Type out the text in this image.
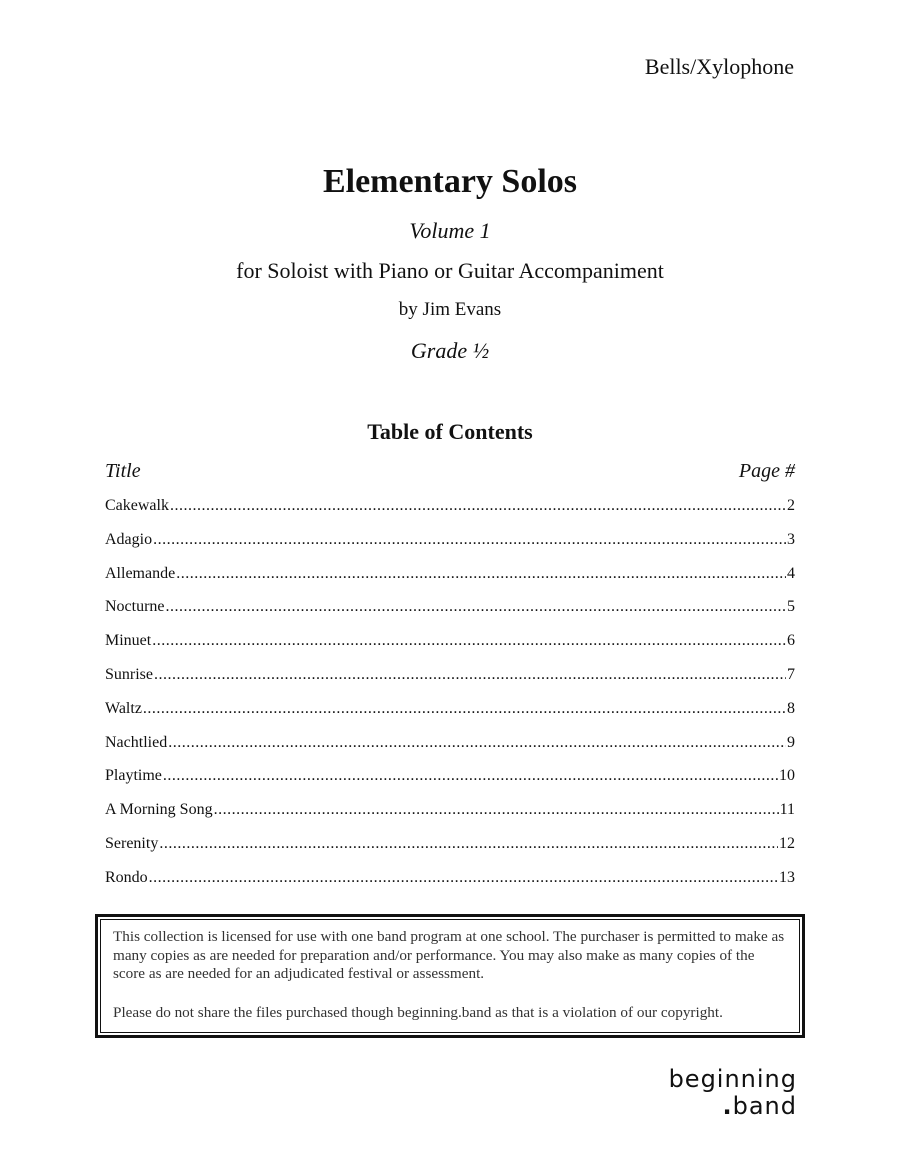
Bells/Xylophone
Elementary Solos
Volume 1
for Soloist with Piano or Guitar Accompaniment
by Jim Evans
Grade ½
Table of Contents
Title	Page #
Cakewalk .....	2
Adagio .....	3
Allemande .....	4
Nocturne .....	5
Minuet .....	6
Sunrise .....	7
Waltz .....	8
Nachtlied .....	9
Playtime .....	10
A Morning Song .....	11
Serenity .....	12
Rondo .....	13

This collection is licensed for use with one band program at one school. The purchaser is permitted to make as many copies as are needed for preparation and/or performance. You may also make as many copies of the score as are needed for an adjudicated festival or assessment.

Please do not share the files purchased though beginning.band as that is a violation of our copyright.

beginning
.band
